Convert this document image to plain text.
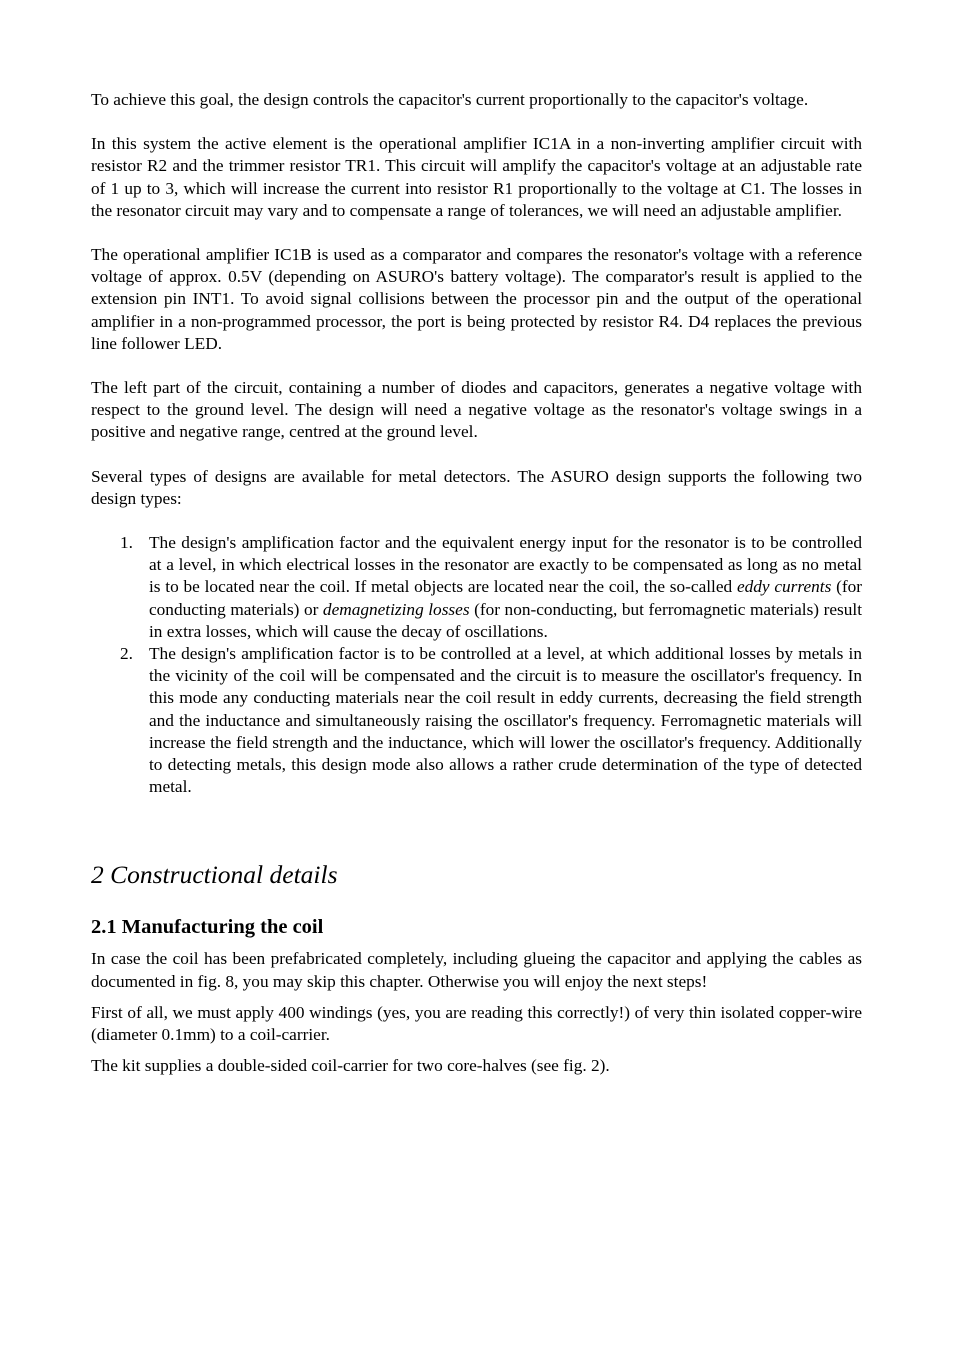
To achieve this goal, the design controls the capacitor's current proportionally to the capacitor's voltage.

In this system the active element is the operational amplifier IC1A in a non-inverting amplifier circuit with resistor R2 and the trimmer resistor TR1. This circuit will amplify the capacitor's voltage at an adjustable rate of 1 up to 3, which will increase the current into resistor R1 proportionally to the voltage at C1. The losses in the resonator circuit may vary and to compensate a range of tolerances, we will need an adjustable amplifier.

The operational amplifier IC1B is used as a comparator and compares the resonator's voltage with a reference voltage of approx. 0.5V (depending on ASURO's battery voltage). The comparator's result is applied to the extension pin INT1. To avoid signal collisions between the processor pin and the output of the operational amplifier in a non-programmed processor, the port is being protected by resistor R4. D4 replaces the previous line follower LED.

The left part of the circuit, containing a number of diodes and capacitors, generates a negative voltage with respect to the ground level. The design will need a negative voltage as the resonator's voltage swings in a positive and negative range, centred at the ground level.

Several types of designs are available for metal detectors. The ASURO design supports the following two design types:

1. The design's amplification factor and the equivalent energy input for the resonator is to be controlled at a level, in which electrical losses in the resonator are exactly to be compensated as long as no metal is to be located near the coil. If metal objects are located near the coil, the so-called eddy currents (for conducting materials) or demagnetizing losses (for non-conducting, but ferromagnetic materials) result in extra losses, which will cause the decay of oscillations.
2. The design's amplification factor is to be controlled at a level, at which additional losses by metals in the vicinity of the coil will be compensated and the circuit is to measure the oscillator's frequency. In this mode any conducting materials near the coil result in eddy currents, decreasing the field strength and the inductance and simultaneously raising the oscillator's frequency. Ferromagnetic materials will increase the field strength and the inductance, which will lower the oscillator's frequency. Additionally to detecting metals, this design mode also allows a rather crude determination of the type of detected metal.
2 Constructional details
2.1 Manufacturing the coil

In case the coil has been prefabricated completely, including glueing the capacitor and applying the cables as documented in fig. 8, you may skip this chapter. Otherwise you will enjoy the next steps!

First of all, we must apply 400 windings (yes, you are reading this correctly!) of very thin isolated copper-wire (diameter 0.1mm) to a coil-carrier.

The kit supplies a double-sided coil-carrier for two core-halves (see fig. 2).
